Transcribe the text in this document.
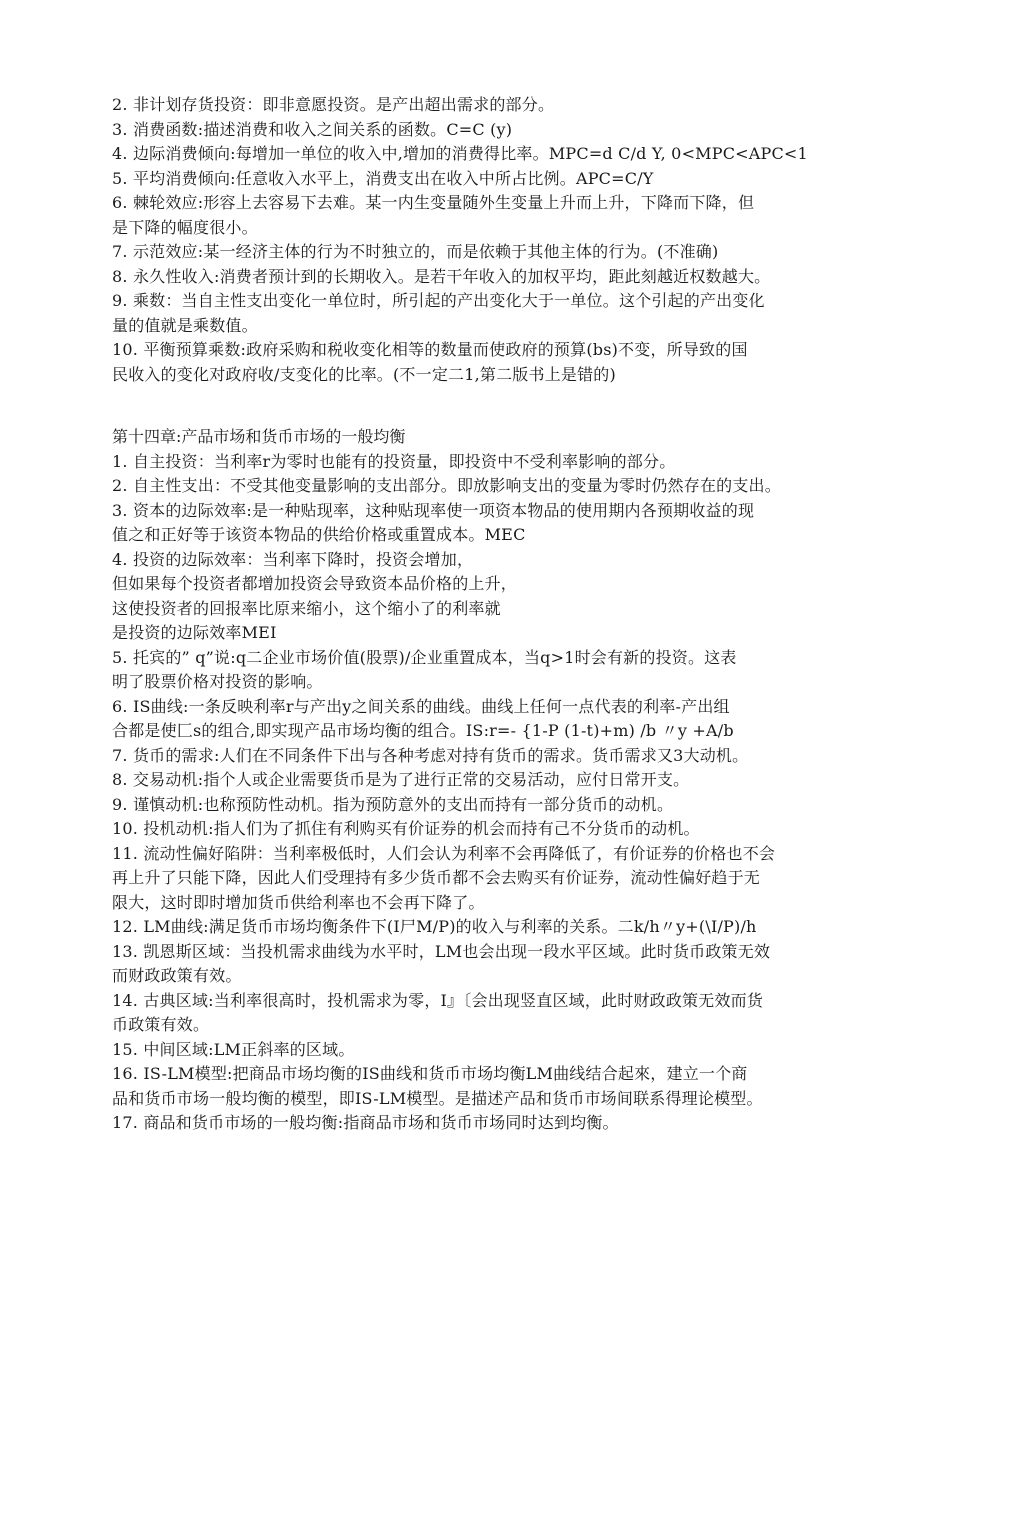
2. 非计划存货投资：即非意愿投资。是产出超出需求的部分。
3. 消费函数:描述消费和收入之间关系的函数。C=C (y)
4. 边际消费倾向:每增加一单位的收入中,增加的消费得比率。MPC=d C/d Y, 0<MPC<APC<1
5. 平均消费倾向:任意收入水平上，消费支出在收入中所占比例。APC=C/Y
6. 棘轮效应:形容上去容易下去难。某一内生变量随外生变量上升而上升，下降而下降，但
是下降的幅度很小。
7. 示范效应:某一经济主体的行为不时独立的，而是依赖于其他主体的行为。(不准确)
8. 永久性收入:消费者预计到的长期收入。是若干年收入的加权平均，距此刻越近权数越大。
9. 乘数：当自主性支出变化一单位时，所引起的产出变化大于一单位。这个引起的产出变化
量的值就是乘数值。
10. 平衡预算乘数:政府采购和税收变化相等的数量而使政府的预算(bs)不变，所导致的国
民收入的变化对政府收/支变化的比率。(不一定二1,第二版书上是错的)
第十四章:产品市场和货币市场的一般均衡
1. 自主投资：当利率r为零时也能有的投资量，即投资中不受利率影响的部分。
2. 自主性支出：不受其他变量影响的支出部分。即放影响支出的变量为零时仍然存在的支出。
3. 资本的边际效率:是一种贴现率，这种贴现率使一项资本物品的使用期内各预期收益的现
值之和正好等于该资本物品的供给价格或重置成本。MEC
4. 投资的边际效率：当利率下降时，投资会增加，
但如果每个投资者都增加投资会导致资本品价格的上升，
这使投资者的回报率比原来缩小，这个缩小了的利率就
是投资的边际效率MEI
5. 托宾的” q”说:q二企业市场价值(股票)/企业重置成本，当q>1时会有新的投资。这表
明了股票价格对投资的影响。
6. IS曲线:一条反映利率r与产出y之间关系的曲线。曲线上任何一点代表的利率-产出组
合都是使匚s的组合,即实现产品市场均衡的组合。IS:r=- {1-P (1-t)+m) /b 〃y +A/b
7. 货币的需求:人们在不同条件下出与各种考虑对持有货币的需求。货币需求又3大动机。
8. 交易动机:指个人或企业需要货币是为了进行正常的交易活动，应付日常开支。
9. 谨慎动机:也称预防性动机。指为预防意外的支出而持有一部分货币的动机。
10. 投机动机:指人们为了抓住有利购买有价证券的机会而持有己不分货币的动机。
11. 流动性偏好陷阱：当利率极低时，人们会认为利率不会再降低了，有价证券的价格也不会
再上升了只能下降，因此人们受理持有多少货币都不会去购买有价证券，流动性偏好趋于无
限大，这时即时增加货币供给利率也不会再下降了。
12. LM曲线:满足货币市场均衡条件下(I尸M/P)的收入与利率的关系。二k/h〃y+(\I/P)/h
13. 凯恩斯区域：当投机需求曲线为水平时，LM也会出现一段水平区域。此时货币政策无效
而财政政策有效。
14. 古典区域:当利率很高时，投机需求为零，I』〔会出现竖直区域，此时财政政策无效而货
币政策有效。
15. 中间区域:LM正斜率的区域。
16. IS-LM模型:把商品市场均衡的IS曲线和货币市场均衡LM曲线结合起來，建立一个商
品和货币市场一般均衡的模型，即IS-LM模型。是描述产品和货币市场间联系得理论模型。
17. 商品和货币市场的一般均衡:指商品市场和货币市场同时达到均衡。
